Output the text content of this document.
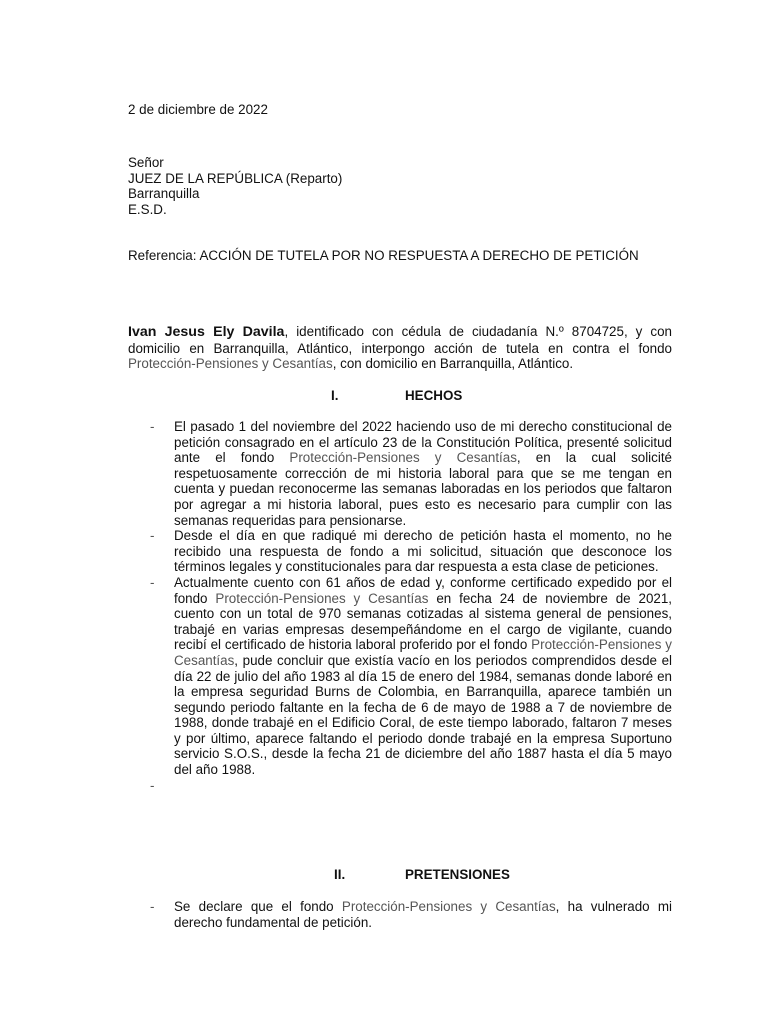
2 de diciembre de 2022
Señor
JUEZ DE LA REPÚBLICA (Reparto)
Barranquilla
E.S.D.
Referencia: ACCIÓN DE TUTELA POR NO RESPUESTA A DERECHO DE PETICIÓN
Ivan Jesus Ely Davila, identificado con cédula de ciudadanía N.º 8704725, y con domicilio en Barranquilla, Atlántico, interpongo acción de tutela en contra el fondo Protección-Pensiones y Cesantías, con domicilio en Barranquilla, Atlántico.
I.	HECHOS
- El pasado 1 del noviembre del 2022 haciendo uso de mi derecho constitucional de petición consagrado en el artículo 23 de la Constitución Política, presenté solicitud ante el fondo Protección-Pensiones y Cesantías, en la cual solicité respetuosamente corrección de mi historia laboral para que se me tengan en cuenta y puedan reconocerme las semanas laboradas en los periodos que faltaron por agregar a mi historia laboral, pues esto es necesario para cumplir con las semanas requeridas para pensionarse.
- Desde el día en que radiqué mi derecho de petición hasta el momento, no he recibido una respuesta de fondo a mi solicitud, situación que desconoce los términos legales y constitucionales para dar respuesta a esta clase de peticiones.
- Actualmente cuento con 61 años de edad y, conforme certificado expedido por el fondo Protección-Pensiones y Cesantías en fecha 24 de noviembre de 2021, cuento con un total de 970 semanas cotizadas al sistema general de pensiones, trabajé en varias empresas desempeñándome en el cargo de vigilante, cuando recibí el certificado de historia laboral proferido por el fondo Protección-Pensiones y Cesantías, pude concluir que existía vacío en los periodos comprendidos desde el día 22 de julio del año 1983 al día 15 de enero del 1984, semanas donde laboré en la empresa seguridad Burns de Colombia, en Barranquilla, aparece también un segundo periodo faltante en la fecha de 6 de mayo de 1988 a 7 de noviembre de 1988, donde trabajé en el Edificio Coral, de este tiempo laborado, faltaron 7 meses y por último, aparece faltando el periodo donde trabajé en la empresa Suportuno servicio S.O.S., desde la fecha 21 de diciembre del año 1887 hasta el día 5 mayo del año 1988.
-
II.	PRETENSIONES
- Se declare que el fondo Protección-Pensiones y Cesantías, ha vulnerado mi derecho fundamental de petición.
